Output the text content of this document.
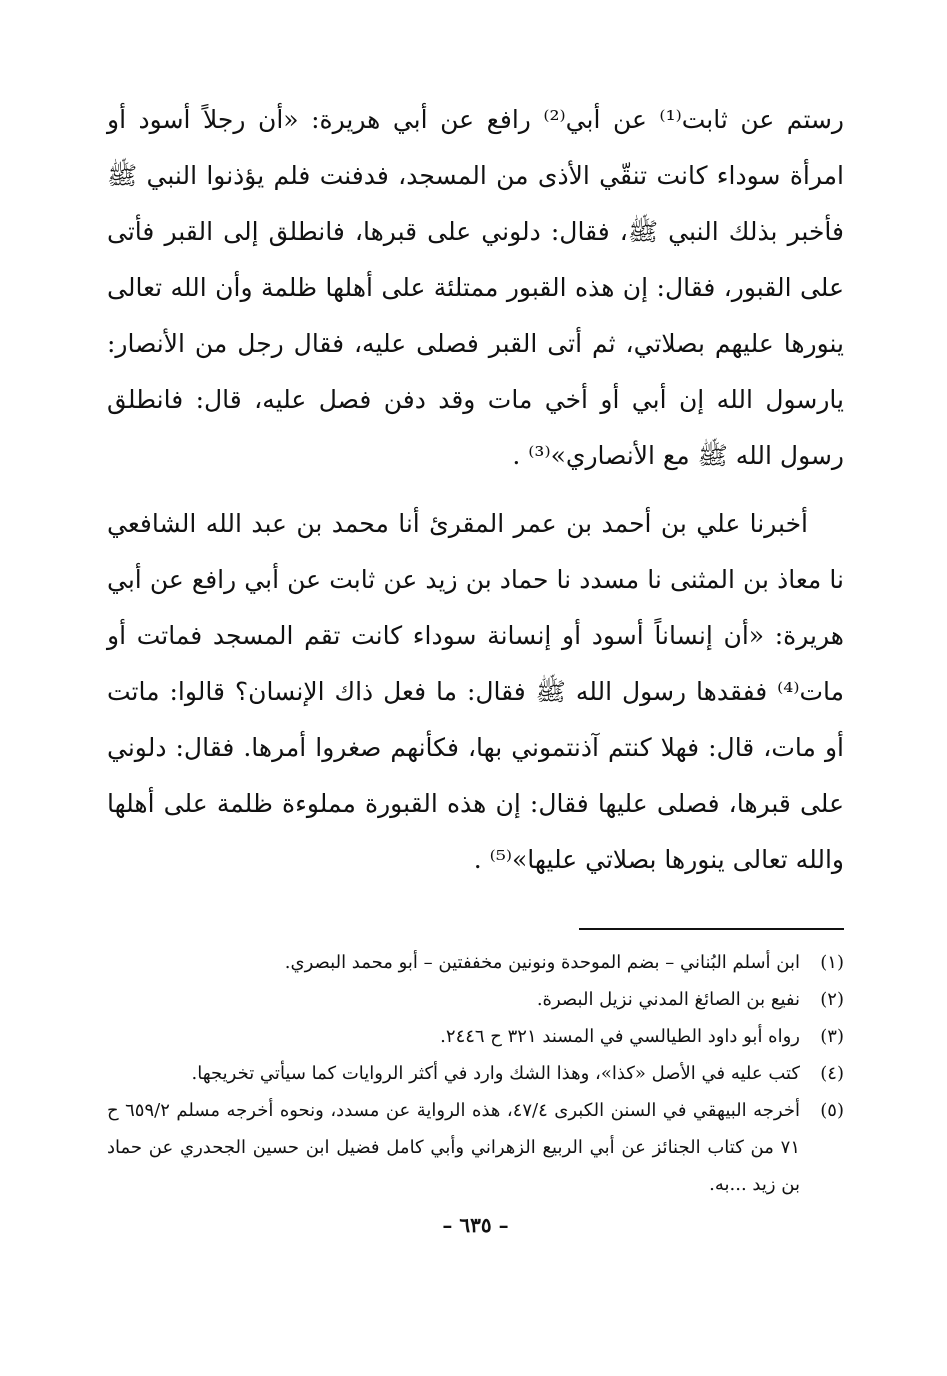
رستم عن ثابت⁽¹⁾ عن أبي⁽²⁾ رافع عن أبي هريرة: «أن رجلاً أسود أو امرأة سوداء كانت تنقّي الأذى من المسجد، فدفنت فلم يؤذنوا النبي ﷺ فأخبر بذلك النبي ﷺ، فقال: دلوني على قبرها، فانطلق إلى القبر فأتى على القبور، فقال: إن هذه القبور ممتلئة على أهلها ظلمة وأن الله تعالى ينورها عليهم بصلاتي، ثم أتى القبر فصلى عليه، فقال رجل من الأنصار: يارسول الله إن أبي أو أخي مات وقد دفن فصل عليه، قال: فانطلق رسول الله ﷺ مع الأنصاري»⁽³⁾ .

أخبرنا علي بن أحمد بن عمر المقرئ أنا محمد بن عبد الله الشافعي نا معاذ بن المثنى نا مسدد نا حماد بن زيد عن ثابت عن أبي رافع عن أبي هريرة: «أن إنساناً أسود أو إنسانة سوداء كانت تقم المسجد فماتت أو مات⁽⁴⁾ ففقدها رسول الله ﷺ فقال: ما فعل ذاك الإنسان؟ قالوا: ماتت أو مات، قال: فهلا كنتم آذنتموني بها، فكأنهم صغروا أمرها. فقال: دلوني على قبرها، فصلى عليها فقال: إن هذه القبورة مملوءة ظلمة على أهلها والله تعالى ينورها بصلاتي عليها»⁽⁵⁾ .

(١)
ابن أسلم البُناني – بضم الموحدة ونونين مخففتين – أبو محمد البصري.
(٢)
نفيع بن الصائغ المدني نزيل البصرة.
(٣)
رواه أبو داود الطيالسي في المسند ٣٢١ ح ٢٤٤٦.
(٤)
كتب عليه في الأصل «كذا»، وهذا الشك وارد في أكثر الروايات كما سيأتي تخريجها.
(٥)
أخرجه البيهقي في السنن الكبرى ٤٧/٤، هذه الرواية عن مسدد، ونحوه أخرجه مسلم ٦٥٩/٢ ح ٧١ من كتاب الجنائز عن أبي الربيع الزهراني وأبي كامل فضيل ابن حسين الجحدري عن حماد بن زيد ...به.
– ٦٣٥ –
